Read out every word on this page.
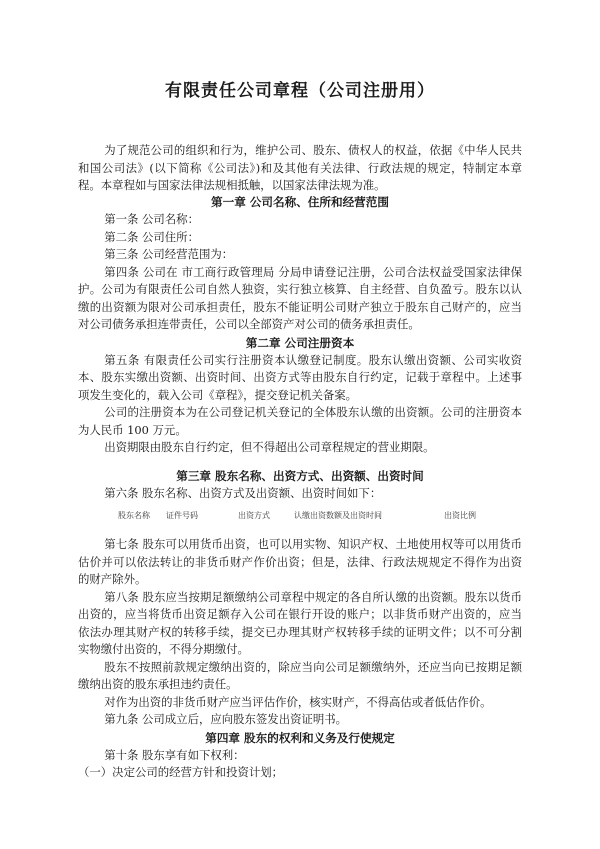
有限责任公司章程（公司注册用）

为了规范公司的组织和行为，维护公司、股东、债权人的权益，依据《中华人民共和国公司法》(以下简称《公司法》)和及其他有关法律、行政法规的规定，特制定本章程。本章程如与国家法律法规相抵触，以国家法律法规为准。

第一章 公司名称、住所和经营范围

第一条 公司名称：

第二条 公司住所：

第三条 公司经营范围为：

第四条 公司在 市工商行政管理局 分局申请登记注册，公司合法权益受国家法律保护。公司为有限责任公司自然人独资，实行独立核算、自主经营、自负盈亏。股东以认缴的出资额为限对公司承担责任，股东不能证明公司财产独立于股东自己财产的，应当对公司债务承担连带责任，公司以全部资产对公司的债务承担责任。

第二章 公司注册资本

第五条 有限责任公司实行注册资本认缴登记制度。股东认缴出资额、公司实收资本、股东实缴出资额、出资时间、出资方式等由股东自行约定，记载于章程中。上述事项发生变化的，载入公司《章程》，提交登记机关备案。

公司的注册资本为在公司登记机关登记的全体股东认缴的出资额。公司的注册资本为人民币 100 万元。

出资期限由股东自行约定，但不得超出公司章程规定的营业期限。

第三章 股东名称、出资方式、出资额、出资时间

第六条 股东名称、出资方式及出资额、出资时间如下：

股东名称	证件号码	出资方式	认缴出资数额及出资时间	出资比例

第七条 股东可以用货币出资，也可以用实物、知识产权、土地使用权等可以用货币估价并可以依法转让的非货币财产作价出资；但是，法律、行政法规规定不得作为出资的财产除外。

第八条 股东应当按期足额缴纳公司章程中规定的各自所认缴的出资额。股东以货币出资的，应当将货币出资足额存入公司在银行开设的账户；以非货币财产出资的，应当依法办理其财产权的转移手续，提交已办理其财产权转移手续的证明文件；以不可分割实物缴付出资的，不得分期缴付。

股东不按照前款规定缴纳出资的，除应当向公司足额缴纳外，还应当向已按期足额缴纳出资的股东承担违约责任。

对作为出资的非货币财产应当评估作价，核实财产，不得高估或者低估作价。

第九条 公司成立后，应向股东签发出资证明书。

第四章 股东的权利和义务及行使规定

第十条 股东享有如下权利：

（一）决定公司的经营方针和投资计划；
